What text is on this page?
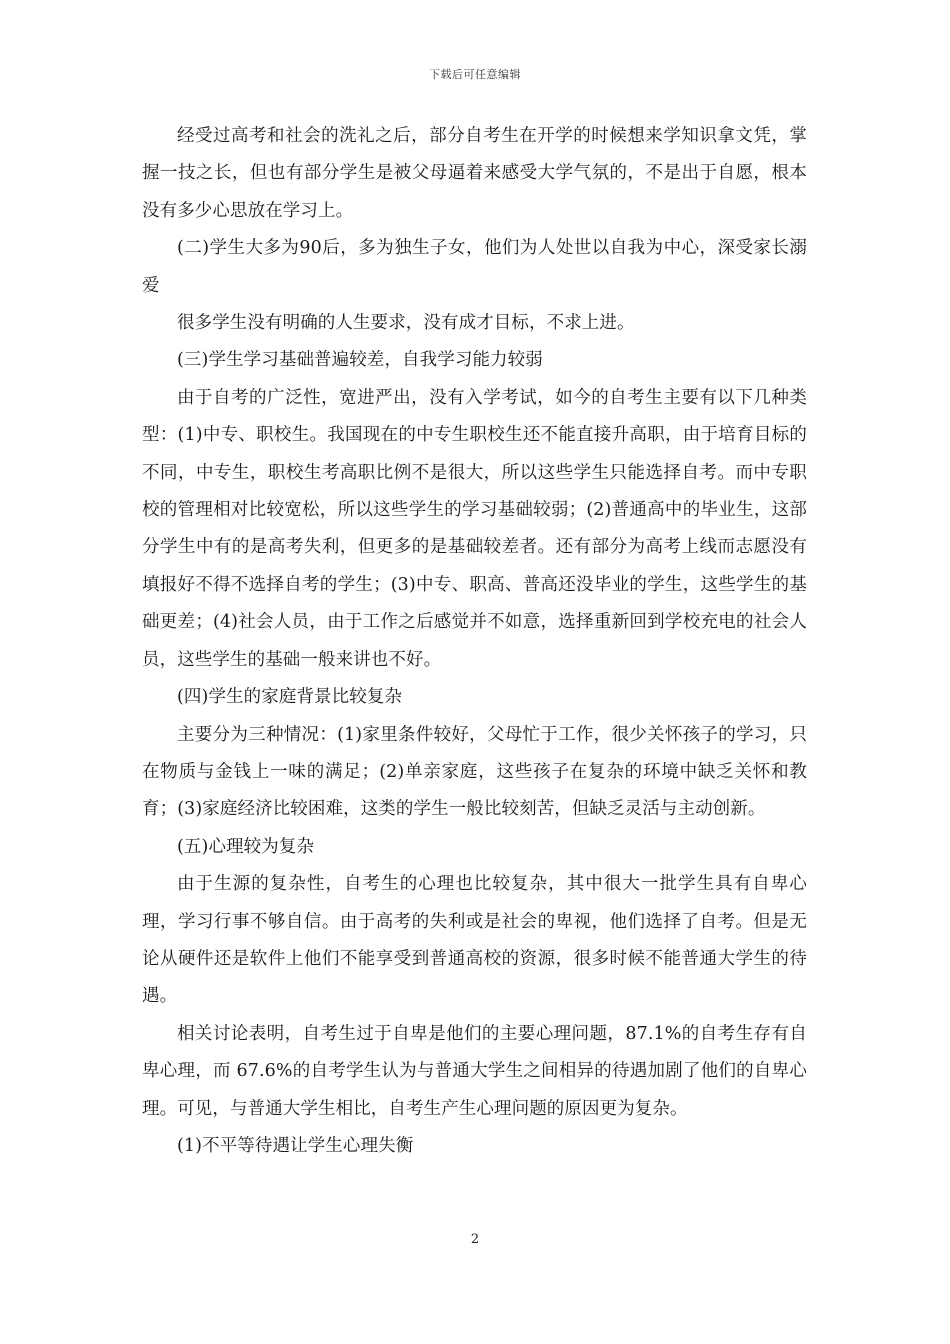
下载后可任意编辑

经受过高考和社会的洗礼之后，部分自考生在开学的时候想来学知识拿文凭，掌握一技之长，但也有部分学生是被父母逼着来感受大学气氛的，不是出于自愿，根本没有多少心思放在学习上。

(二)学生大多为90后，多为独生子女，他们为人处世以自我为中心，深受家长溺爱

很多学生没有明确的人生要求，没有成才目标，不求上进。

(三)学生学习基础普遍较差，自我学习能力较弱

由于自考的广泛性，宽进严出，没有入学考试，如今的自考生主要有以下几种类型：(1)中专、职校生。我国现在的中专生职校生还不能直接升高职，由于培育目标的不同，中专生，职校生考高职比例不是很大，所以这些学生只能选择自考。而中专职校的管理相对比较宽松，所以这些学生的学习基础较弱；(2)普通高中的毕业生，这部分学生中有的是高考失利，但更多的是基础较差者。还有部分为高考上线而志愿没有填报好不得不选择自考的学生；(3)中专、职高、普高还没毕业的学生，这些学生的基础更差；(4)社会人员，由于工作之后感觉并不如意，选择重新回到学校充电的社会人员，这些学生的基础一般来讲也不好。

(四)学生的家庭背景比较复杂

主要分为三种情况：(1)家里条件较好，父母忙于工作，很少关怀孩子的学习，只在物质与金钱上一味的满足；(2)单亲家庭，这些孩子在复杂的环境中缺乏关怀和教育；(3)家庭经济比较困难，这类的学生一般比较刻苦，但缺乏灵活与主动创新。

(五)心理较为复杂

由于生源的复杂性，自考生的心理也比较复杂，其中很大一批学生具有自卑心理，学习行事不够自信。由于高考的失利或是社会的卑视，他们选择了自考。但是无论从硬件还是软件上他们不能享受到普通高校的资源，很多时候不能普通大学生的待遇。

相关讨论表明，自考生过于自卑是他们的主要心理问题，87.1%的自考生存有自卑心理，而 67.6%的自考学生认为与普通大学生之间相异的待遇加剧了他们的自卑心理。可见，与普通大学生相比，自考生产生心理问题的原因更为复杂。

(1)不平等待遇让学生心理失衡

2
